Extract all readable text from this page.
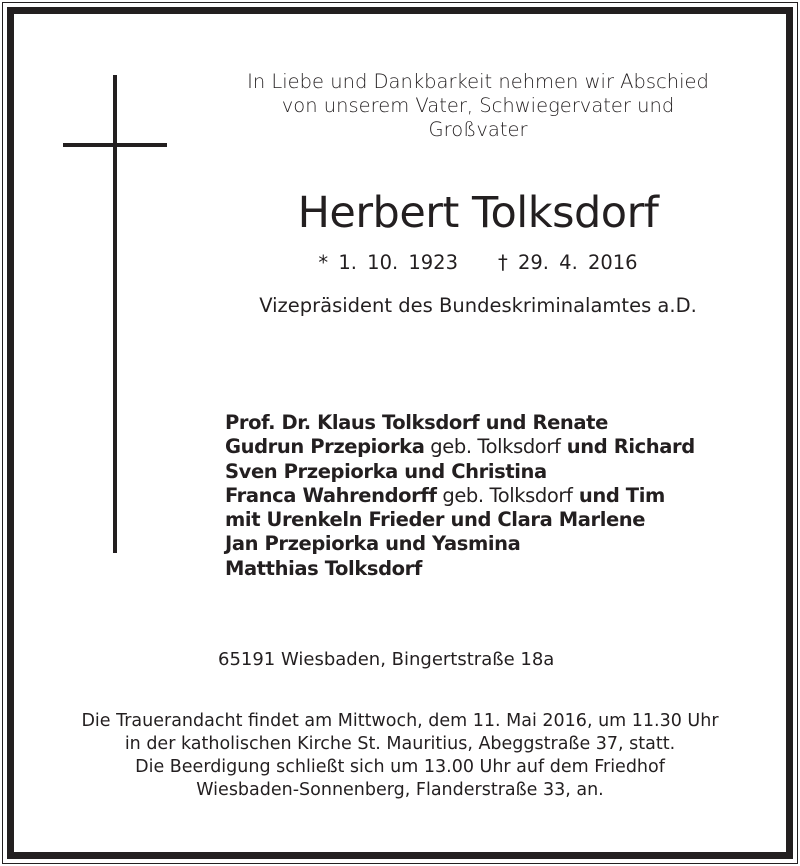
In Liebe und Dankbarkeit nehmen wir Abschied
von unserem Vater, Schwiegervater und
Großvater
Herbert Tolksdorf
* 1. 10. 1923 † 29. 4. 2016
Vizepräsident des Bundeskriminalamtes a.D.
Prof. Dr. Klaus Tolksdorf und Renate
Gudrun Przepiorka geb. Tolksdorf und Richard
Sven Przepiorka und Christina
Franca Wahrendorff geb. Tolksdorf und Tim
mit Urenkeln Frieder und Clara Marlene
Jan Przepiorka und Yasmina
Matthias Tolksdorf
65191 Wiesbaden, Bingertstraße 18a
Die Trauerandacht findet am Mittwoch, dem 11. Mai 2016, um 11.30 Uhr
in der katholischen Kirche St. Mauritius, Abeggstraße 37, statt.
Die Beerdigung schließt sich um 13.00 Uhr auf dem Friedhof
Wiesbaden-Sonnenberg, Flanderstraße 33, an.
